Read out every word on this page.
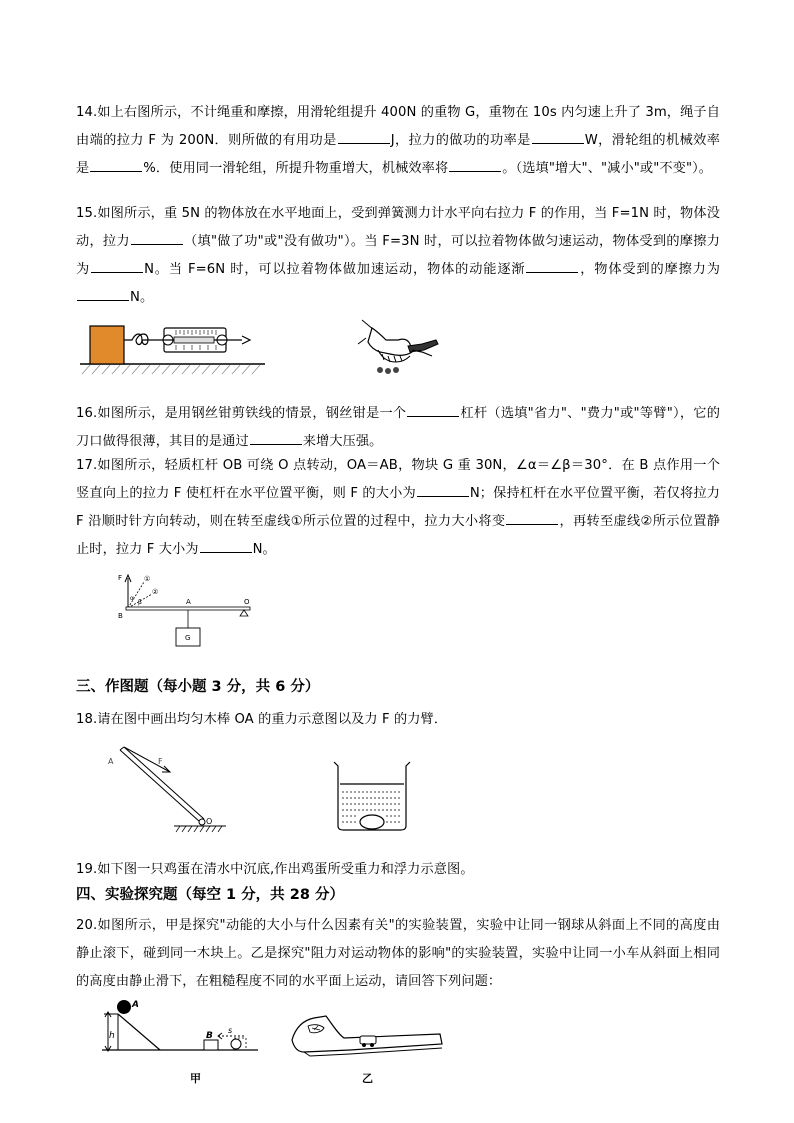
14.如上右图所示，不计绳重和摩擦，用滑轮组提升 400N 的重物 G，重物在 10s 内匀速上升了 3m，绳子自由端的拉力 F 为 200N．则所做的有用功是	J，拉力的做功的功率是	W，滑轮组的机械效率是	%．使用同一滑轮组，所提升物重增大，机械效率将	。（选填"增大"、"减小"或"不变"）。
15.如图所示，重 5N 的物体放在水平地面上，受到弹簧测力计水平向右拉力 F 的作用，当 F=1N 时，物体没动，拉力	（填"做了功"或"没有做功"）。当 F=3N 时，可以拉着物体做匀速运动，物体受到的摩擦力为	N。当 F=6N 时，可以拉着物体做加速运动，物体的动能逐渐	，物体受到的摩擦力为N。
16.如图所示，是用钢丝钳剪铁线的情景，钢丝钳是一个	杠杆（选填"省力"、"费力"或"等臂"），它的刀口做得很薄，其目的是通过	来增大压强。
17.如图所示，轻质杠杆 OB 可绕 O 点转动，OA＝AB，物块 G 重 30N，∠α＝∠β＝30°．在 B 点作用一个竖直向上的拉力 F 使杠杆在水平位置平衡，则 F 的大小为	N；保持杠杆在水平位置平衡，若仅将拉力 F 沿顺时针方向转动，则在转至虚线①所示位置的过程中，拉力大小将变	，再转至虚线②所示位置静止时，拉力 F 大小为	N。
F	①
②
α
β
B
A	O
G
三、作图题（每小题 3 分，共 6 分）
18.请在图中画出均匀木棒 OA 的重力示意图以及力 F 的力臂．
A	F
O
19.如下图一只鸡蛋在清水中沉底,作出鸡蛋所受重力和浮力示意图。
四、实验探究题（每空 1 分，共 28 分）
20.如图所示，甲是探究"动能的大小与什么因素有关"的实验装置，实验中让同一钢球从斜面上不同的高度由静止滚下，碰到同一木块上。乙是探究"阻力对运动物体的影响"的实验装置，实验中让同一小车从斜面上相同的高度由静止滑下，在粗糙程度不同的水平面上运动，请回答下列问题：
A
h	B
s
甲	乙
